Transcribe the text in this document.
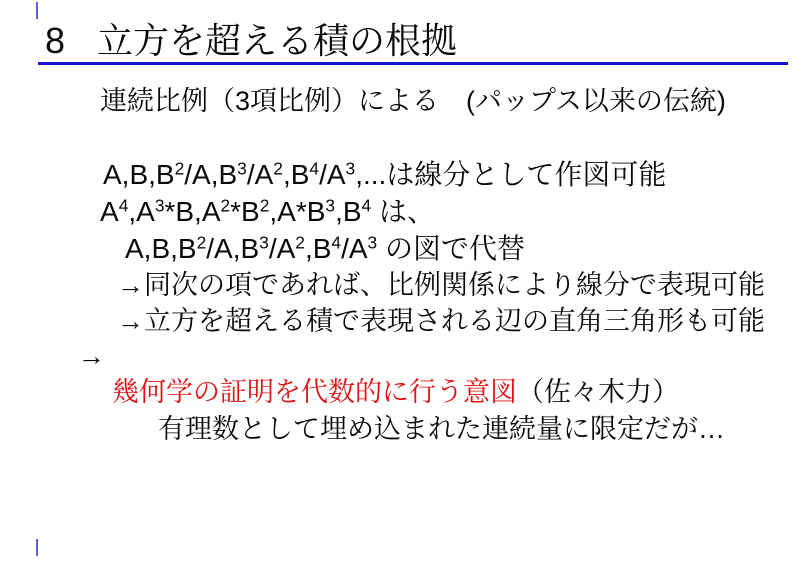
8 立方を超える積の根拠
連続比例（3項比例）による　(パップス以来の伝統)
$A,B,B^2/A,B^3/A^2,B^4/A^3$,...は線分として作図可能
$A^4,A^3*B,A^2*B^2,A*B^3,B^4$ は、
$A,B,B^2/A,B^3/A^2,B^4/A^3$ の図で代替
→同次の項であれば、比例関係により線分で表現可能
→立方を超える積で表現される辺の直角三角形も可能
→
幾何学の証明を代数的に行う意図（佐々木力）
有理数として埋め込まれた連続量に限定だが…
